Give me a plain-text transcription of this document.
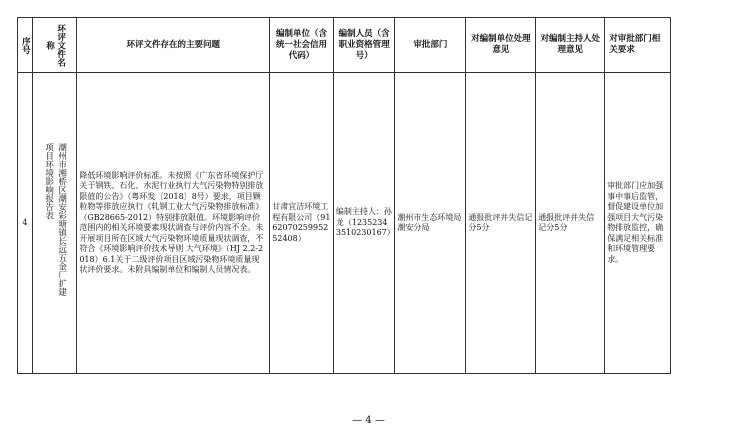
序号	环评文件名称	环评文件存在的主要问题	编制单位（含统一社会信用代码）	编制人员（含职业资格管理号）	审批部门	对编制单位处理意见	对编制主持人处理意见	对审批部门相关要求
4	潮州市湘桥区潮安彩塘镇长远五金厂扩建项目环境影响报告表	降低环境影响评价标准。未按照《广东省环境保护厅关于钢铁、石化、水泥行业执行大气污染物特别排放限值的公告》（粤环发〔2018〕8号）要求，项目颗粒物等排放应执行《轧钢工业大气污染物排放标准》（GB28665-2012）特别排放限值。环境影响评价范围内的相关环境要素现状调查与评价内容不全。未开展项目所在区域大气污染物环境质量现状调查，不符合《环境影响评价技术导则 大气环境》（HJ 2.2-2018）6.1关于二级评价项目区域污染物环境质量现状评价要求。未附具编制单位和编制人员情况表。	甘肃宜洁环境工程有限公司（916207025995252408）	编制主持人：孙龙（12352343510230167）	潮州市生态环境局潮安分局	通报批评并失信记分5分	通报批评并失信记分5分	审批部门应加强事中事后监管，督促建设单位加强项目大气污染物排放监控，确保满足相关标准和环境管理要求。
— 4 —
